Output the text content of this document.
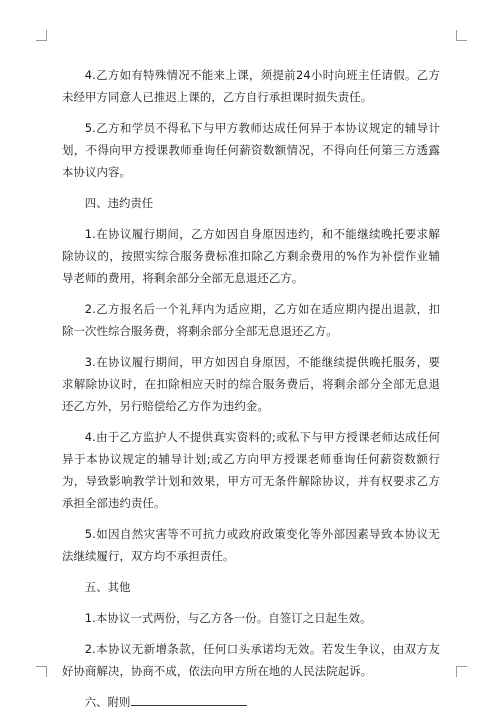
4.乙方如有特殊情况不能来上课，须提前24小时向班主任请假。乙方未经甲方同意人已推迟上课的，乙方自行承担课时损失责任。

5.乙方和学员不得私下与甲方教师达成任何异于本协议规定的辅导计划，不得向甲方授课教师垂询任何薪资数额情况，不得向任何第三方透露本协议内容。

四、违约责任

1.在协议履行期间，乙方如因自身原因违约，和不能继续晚托要求解除协议的，按照实综合服务费标准扣除乙方剩余费用的%作为补偿作业辅导老师的费用，将剩余部分全部无息退还乙方。

2.乙方报名后一个礼拜内为适应期，乙方如在适应期内提出退款，扣除一次性综合服务费，将剩余部分全部无息退还乙方。

3.在协议履行期间，甲方如因自身原因，不能继续提供晚托服务，要求解除协议时，在扣除相应天时的综合服务费后，将剩余部分全部无息退还乙方外，另行赔偿给乙方作为违约金。

4.由于乙方监护人不提供真实资料的;或私下与甲方授课老师达成任何异于本协议规定的辅导计划;或乙方向甲方授课老师垂询任何薪资数额行为，导致影响教学计划和效果，甲方可无条件解除协议，并有权要求乙方承担全部违约责任。

5.如因自然灾害等不可抗力或政府政策变化等外部因素导致本协议无法继续履行，双方均不承担责任。

五、其他

1.本协议一式两份，与乙方各一份。自签订之日起生效。

2.本协议无新增条款，任何口头承诺均无效。若发生争议，由双方友好协商解决，协商不成，依法向甲方所在地的人民法院起诉。

六、附则
